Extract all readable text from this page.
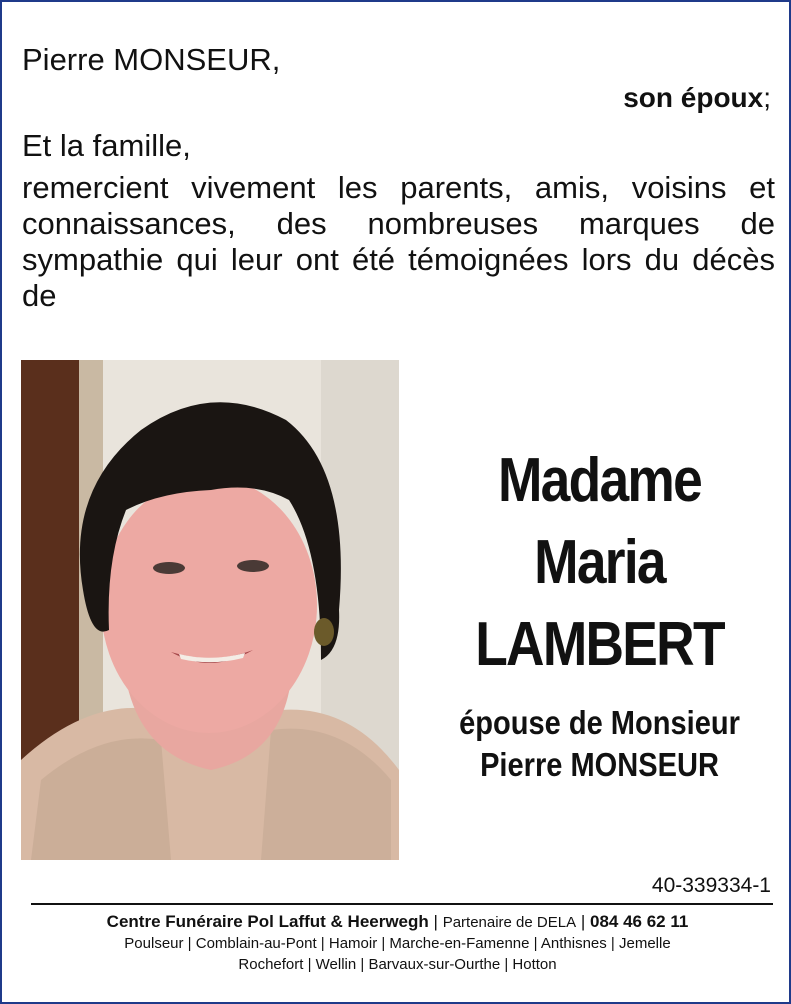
Pierre MONSEUR,
son époux;
Et la famille,
remercient vivement les parents, amis, voisins et connaissances, des nombreuses marques de sympathie qui leur ont été témoignées lors du décès de
Madame
Maria
LAMBERT
épouse de Monsieur
Pierre MONSEUR
40-339334-1
Centre Funéraire Pol Laffut & Heerwegh | Partenaire de DELA | 084 46 62 11
Poulseur | Comblain-au-Pont | Hamoir | Marche-en-Famenne | Anthisnes | Jemelle
Rochefort | Wellin | Barvaux-sur-Ourthe | Hotton
